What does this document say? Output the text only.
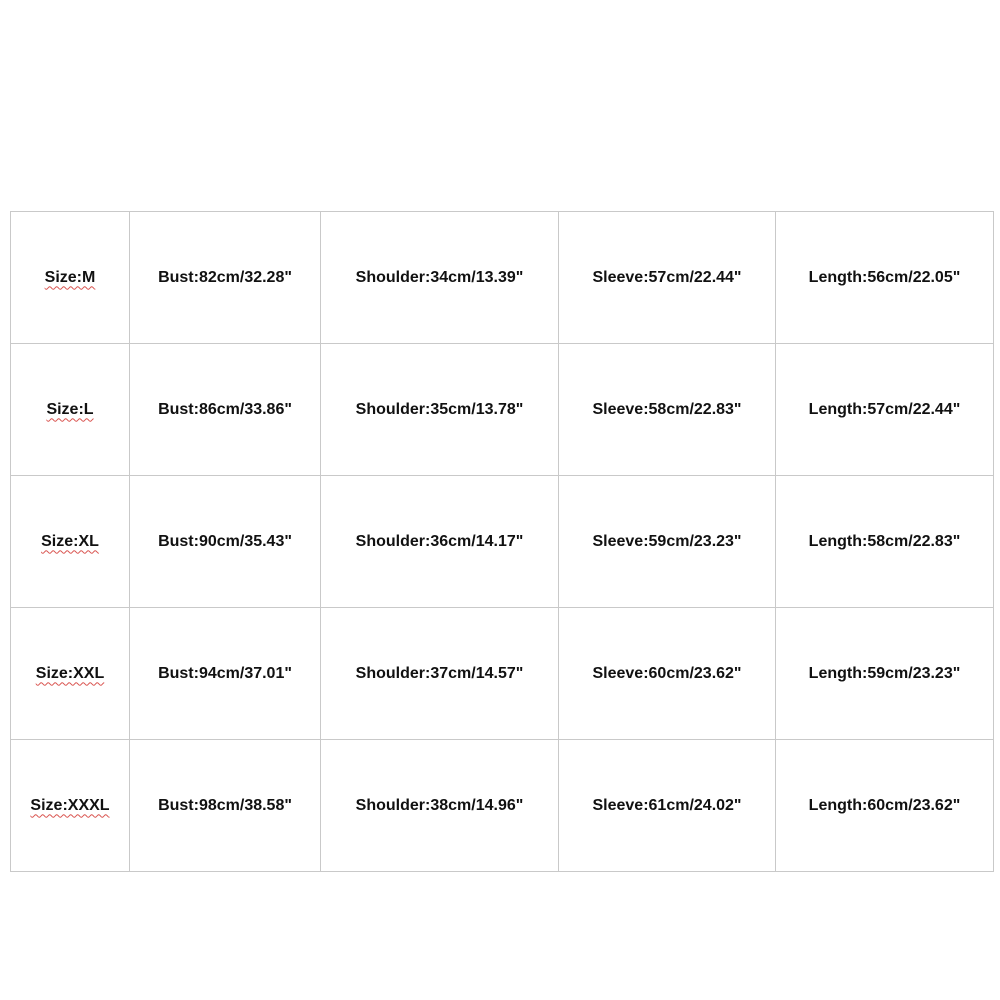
Size:M	Bust:82cm/32.28"	Shoulder:34cm/13.39"	Sleeve:57cm/22.44"	Length:56cm/22.05"
Size:L	Bust:86cm/33.86"	Shoulder:35cm/13.78"	Sleeve:58cm/22.83"	Length:57cm/22.44"
Size:XL	Bust:90cm/35.43"	Shoulder:36cm/14.17"	Sleeve:59cm/23.23"	Length:58cm/22.83"
Size:XXL	Bust:94cm/37.01"	Shoulder:37cm/14.57"	Sleeve:60cm/23.62"	Length:59cm/23.23"
Size:XXXL	Bust:98cm/38.58"	Shoulder:38cm/14.96"	Sleeve:61cm/24.02"	Length:60cm/23.62"
